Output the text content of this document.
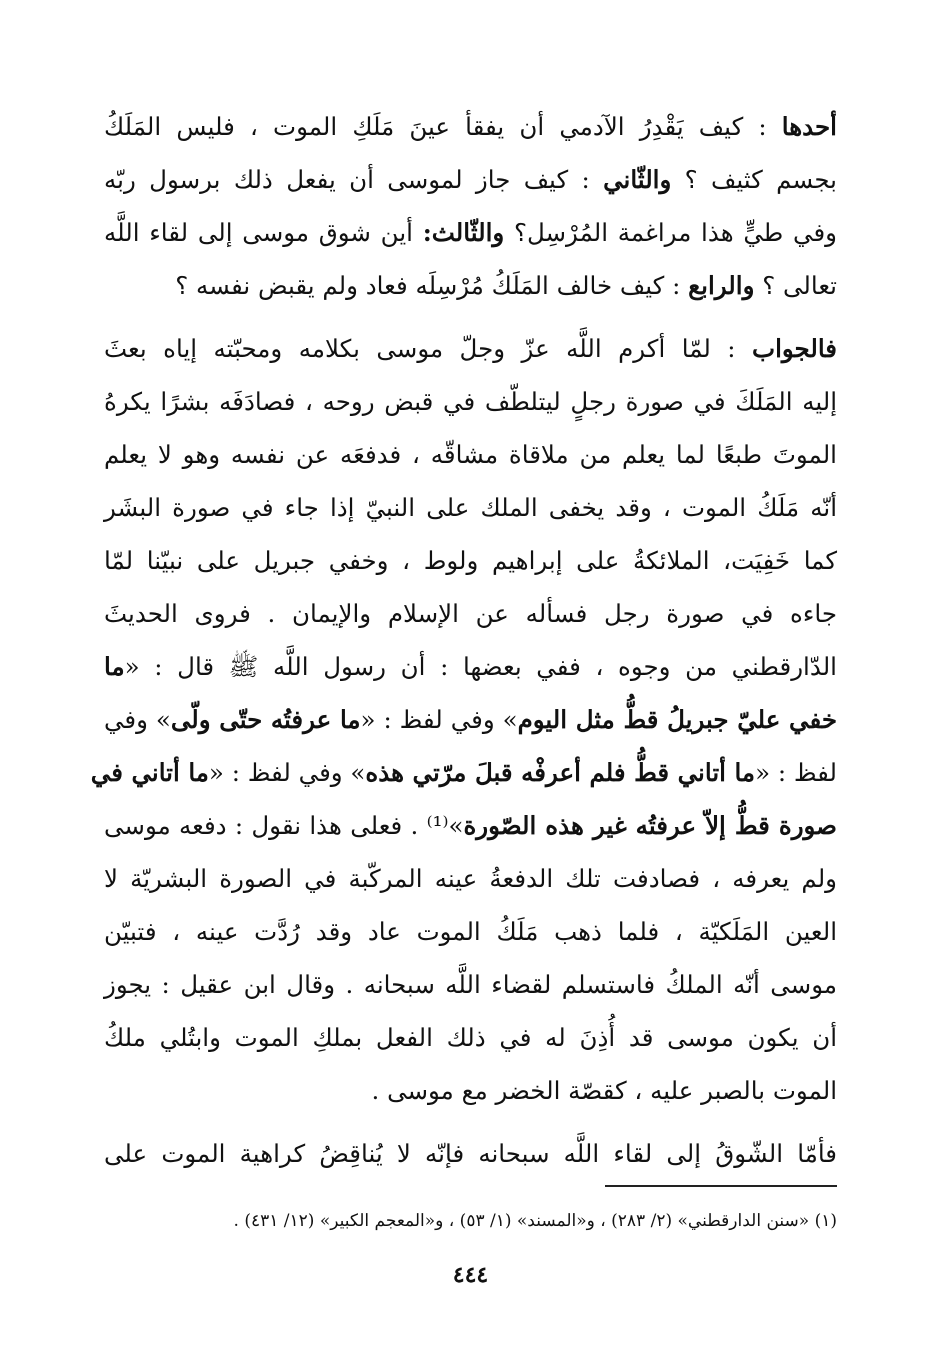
أحدها : كيف يَقْدِرُ الآدمي أن يفقأ عينَ مَلَكِ الموت ، فليس المَلَكُ
بجسم كثيف ؟ والثّاني : كيف جاز لموسى أن يفعل ذلك برسول ربّه
وفي طيٍّ هذا مراغمة المُرْسِل؟ والثّالث: أين شوق موسى إلى لقاء اللَّه
تعالى ؟ والرابع : كيف خالف المَلَكُ مُرْسِلَه فعاد ولم يقبض نفسه ؟
فالجواب : لمّا أكرم اللَّه عزّ وجلّ موسى بكلامه ومحبّته إياه بعثَ
إليه المَلَكَ في صورة رجلٍ ليتلطّف في قبض روحه ، فصادَفَه بشرًا يكرهُ
الموتَ طبعًا لما يعلم من ملاقاة مشاقّه ، فدفعَه عن نفسه وهو لا يعلم
أنّه مَلَكُ الموت ، وقد يخفى الملك على النبيّ إذا جاء في صورة البشَر
كما خَفِيَت، الملائكةُ على إبراهيم ولوط ، وخفي جبريل على نبيّنا لمّا
جاءه في صورة رجل فسأله عن الإسلام والإيمان . فروى الحديثَ
الدّارقطني من وجوه ، ففي بعضها : أن رسول اللَّه ﷺ قال : «ما
خفي عليّ جبريلُ قطُّ مثل اليوم» وفي لفظ : «ما عرفتُه حتّى ولّى» وفي
لفظ : «ما أتاني قطُّ فلم أعرفْه قبلَ مرّتي هذه» وفي لفظ : «ما أتاني في
صورة قطُّ إلاّ عرفتُه غير هذه الصّورة»⁽¹⁾ . فعلى هذا نقول : دفعه موسى
ولم يعرفه ، فصادفت تلك الدفعةُ عينه المركّبة في الصورة البشريّة لا
العين المَلَكيّة ، فلما ذهب مَلَكُ الموت عاد وقد رُدَّت عينه ، فتبيّن
موسى أنّه الملكُ فاستسلم لقضاء اللَّه سبحانه . وقال ابن عقيل : يجوز
أن يكون موسى قد أُذِنَ له في ذلك الفعل بملكِ الموت وابتُلي ملكُ
الموت بالصبر عليه ، كقصّة الخضر مع موسى .
فأمّا الشّوقُ إلى لقاء اللَّه سبحانه فإنّه لا يُناقِضُ كراهية الموت على
(١) «سنن الدارقطني» (٢/ ٢٨٣) ، و«المسند» (١/ ٥٣) ، و«المعجم الكبير» (١٢/ ٤٣١) .
٤٤٤
